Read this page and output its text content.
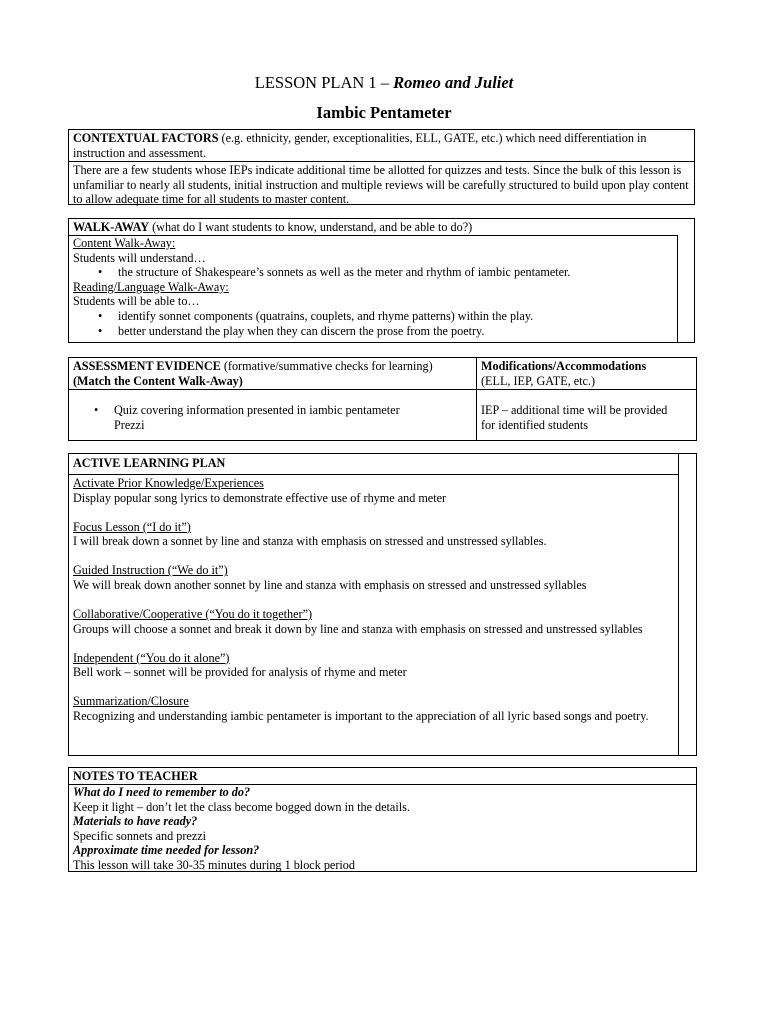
LESSON PLAN 1 – Romeo and Juliet
Iambic Pentameter
CONTEXTUAL FACTORS (e.g. ethnicity, gender, exceptionalities, ELL, GATE, etc.) which need differentiation in instruction and assessment.
There are a few students whose IEPs indicate additional time be allotted for quizzes and tests. Since the bulk of this lesson is unfamiliar to nearly all students, initial instruction and multiple reviews will be carefully structured to build upon play content to allow adequate time for all students to master content.
WALK-AWAY (what do I want students to know, understand, and be able to do?)
Content Walk-Away:
Students will understand…
• the structure of Shakespeare’s sonnets as well as the meter and rhythm of iambic pentameter.
Reading/Language Walk-Away:
Students will be able to…
• identify sonnet components (quatrains, couplets, and rhyme patterns) within the play.
• better understand the play when they can discern the prose from the poetry.
ASSESSMENT EVIDENCE (formative/summative checks for learning) (Match the Content Walk-Away)
Modifications/Accommodations
(ELL, IEP, GATE, etc.)
• Quiz covering information presented in iambic pentameter Prezzi
IEP – additional time will be provided for identified students
ACTIVE LEARNING PLAN

Activate Prior Knowledge/Experiences

Display popular song lyrics to demonstrate effective use of rhyme and meter

Focus Lesson (“I do it”)

I will break down a sonnet by line and stanza with emphasis on stressed and unstressed syllables.

Guided Instruction (“We do it”)

We will break down another sonnet by line and stanza with emphasis on stressed and unstressed syllables

Collaborative/Cooperative (“You do it together”)

Groups will choose a sonnet and break it down by line and stanza with emphasis on stressed and unstressed syllables

Independent (“You do it alone”)

Bell work – sonnet will be provided for analysis of rhyme and meter

Summarization/Closure

Recognizing and understanding iambic pentameter is important to the appreciation of all lyric based songs and poetry.

NOTES TO TEACHER
What do I need to remember to do?
Keep it light – don’t let the class become bogged down in the details.
Materials to have ready?
Specific sonnets and prezzi
Approximate time needed for lesson?
This lesson will take 30-35 minutes during 1 block period
